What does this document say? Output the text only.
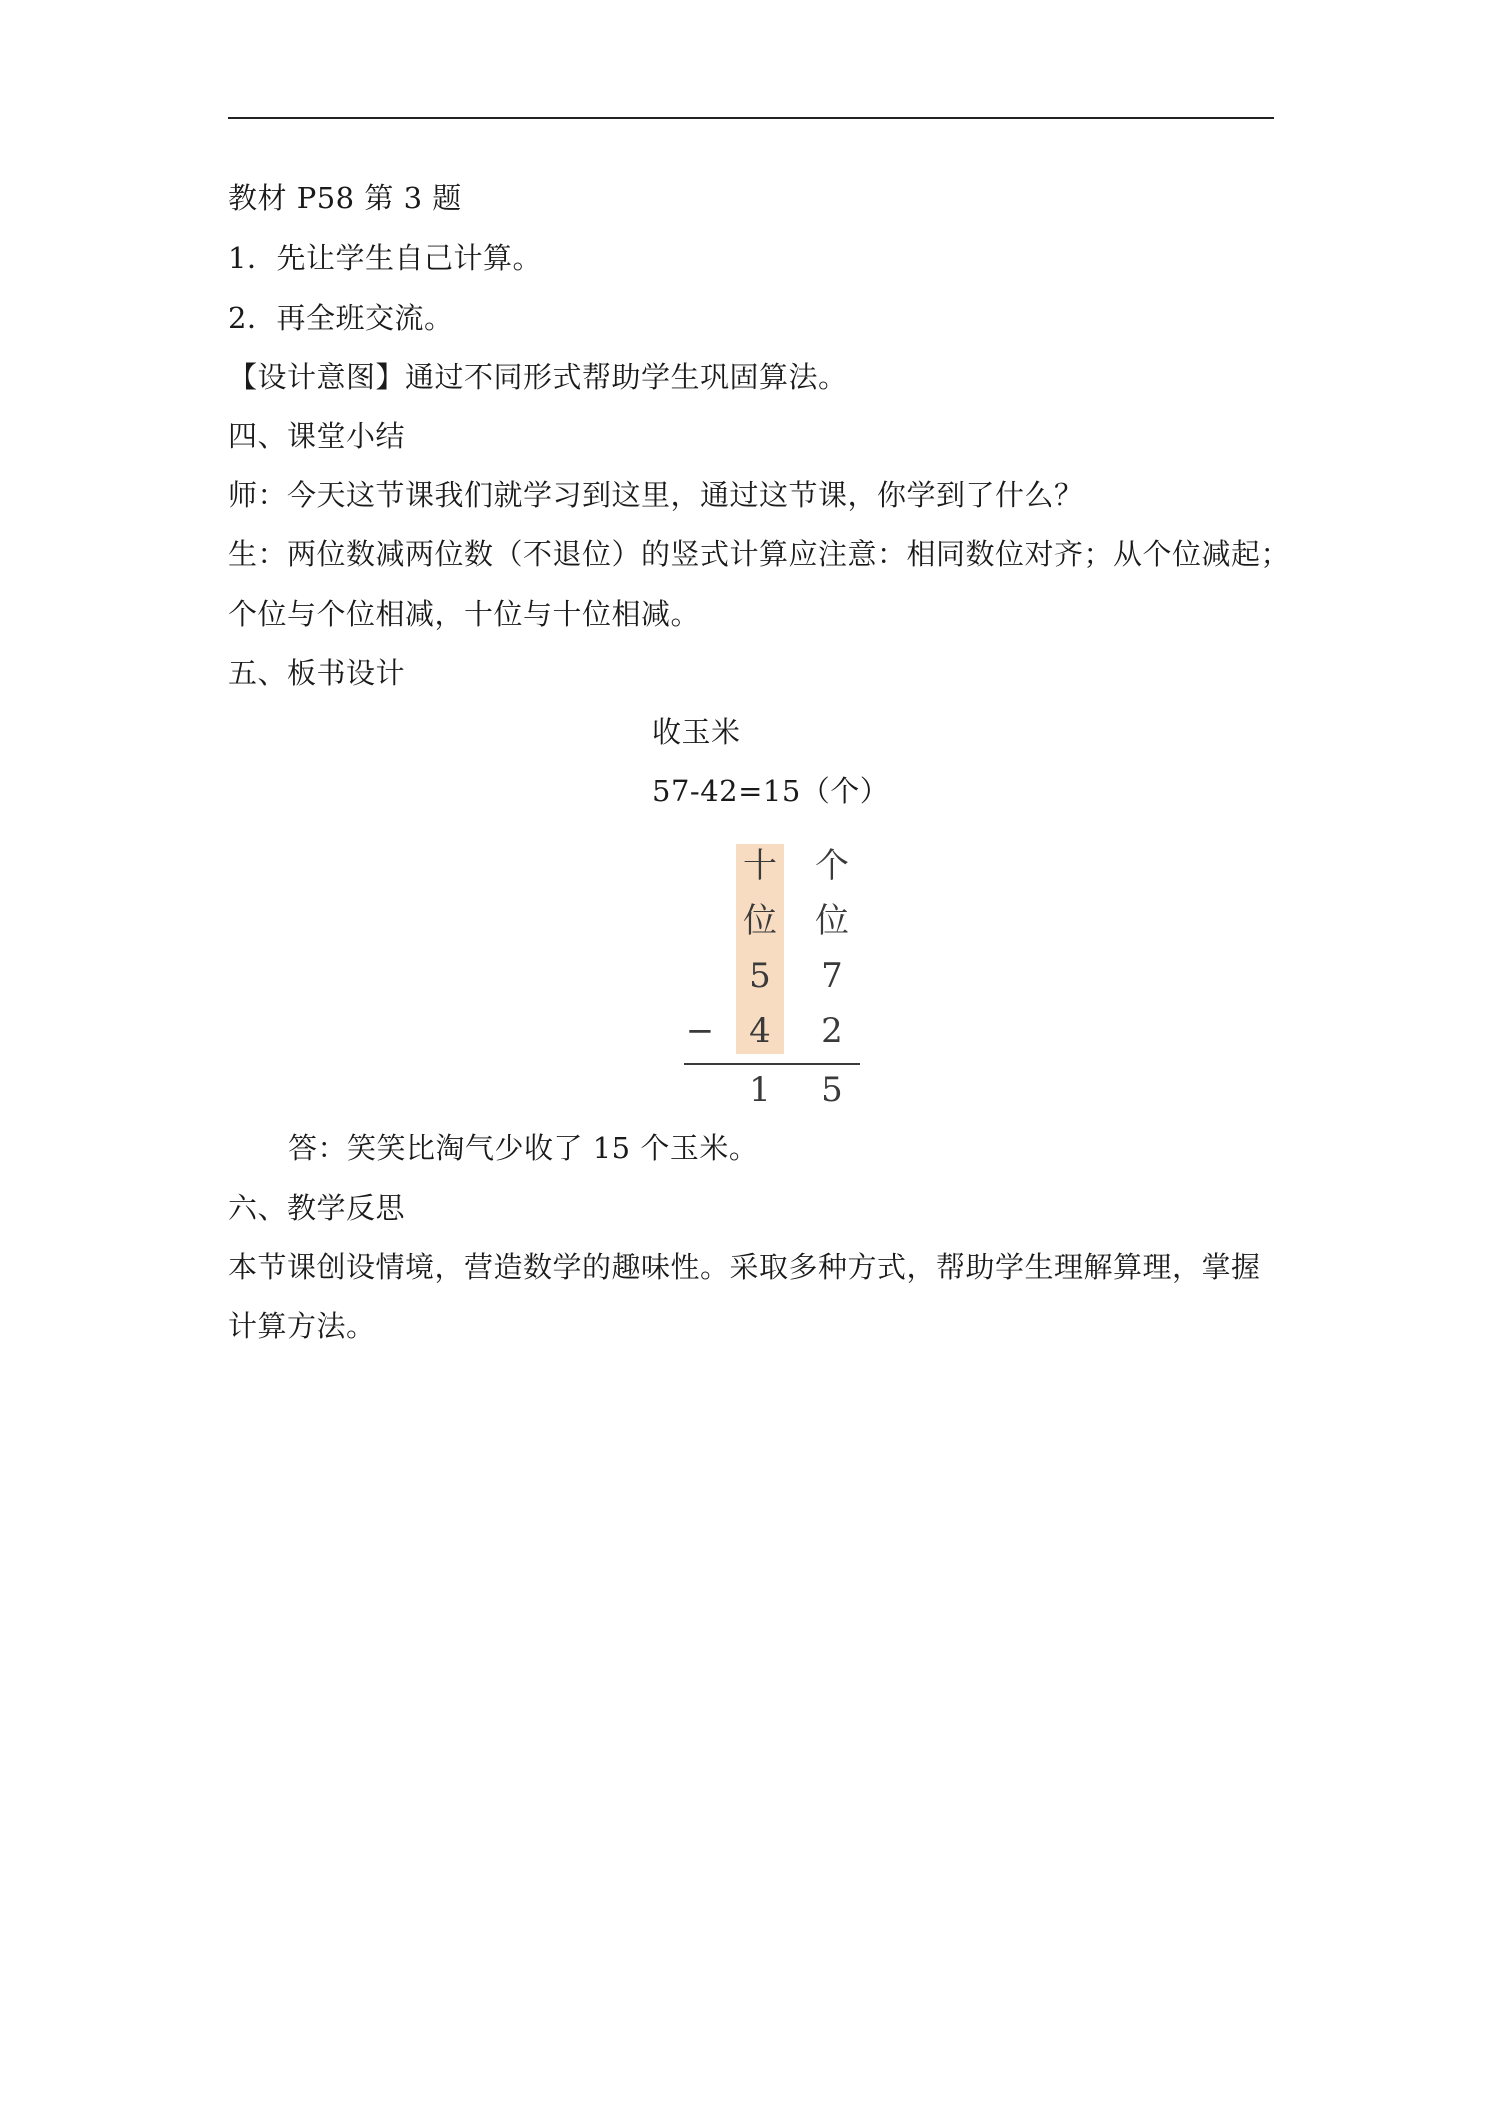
教材 P58 第 3 题
1．先让学生自己计算。
2．再全班交流。
【设计意图】通过不同形式帮助学生巩固算法。
四、课堂小结
师：今天这节课我们就学习到这里，通过这节课，你学到了什么？
生：两位数减两位数（不退位）的竖式计算应注意：相同数位对齐；从个位减起；
个位与个位相减，十位与十位相减。
五、板书设计
收玉米
57-42=15（个）
十 个
位 位
5	7
−	4	2
1	5
答：笑笑比淘气少收了 15 个玉米。
六、教学反思
本节课创设情境，营造数学的趣味性。采取多种方式，帮助学生理解算理，掌握
计算方法。
